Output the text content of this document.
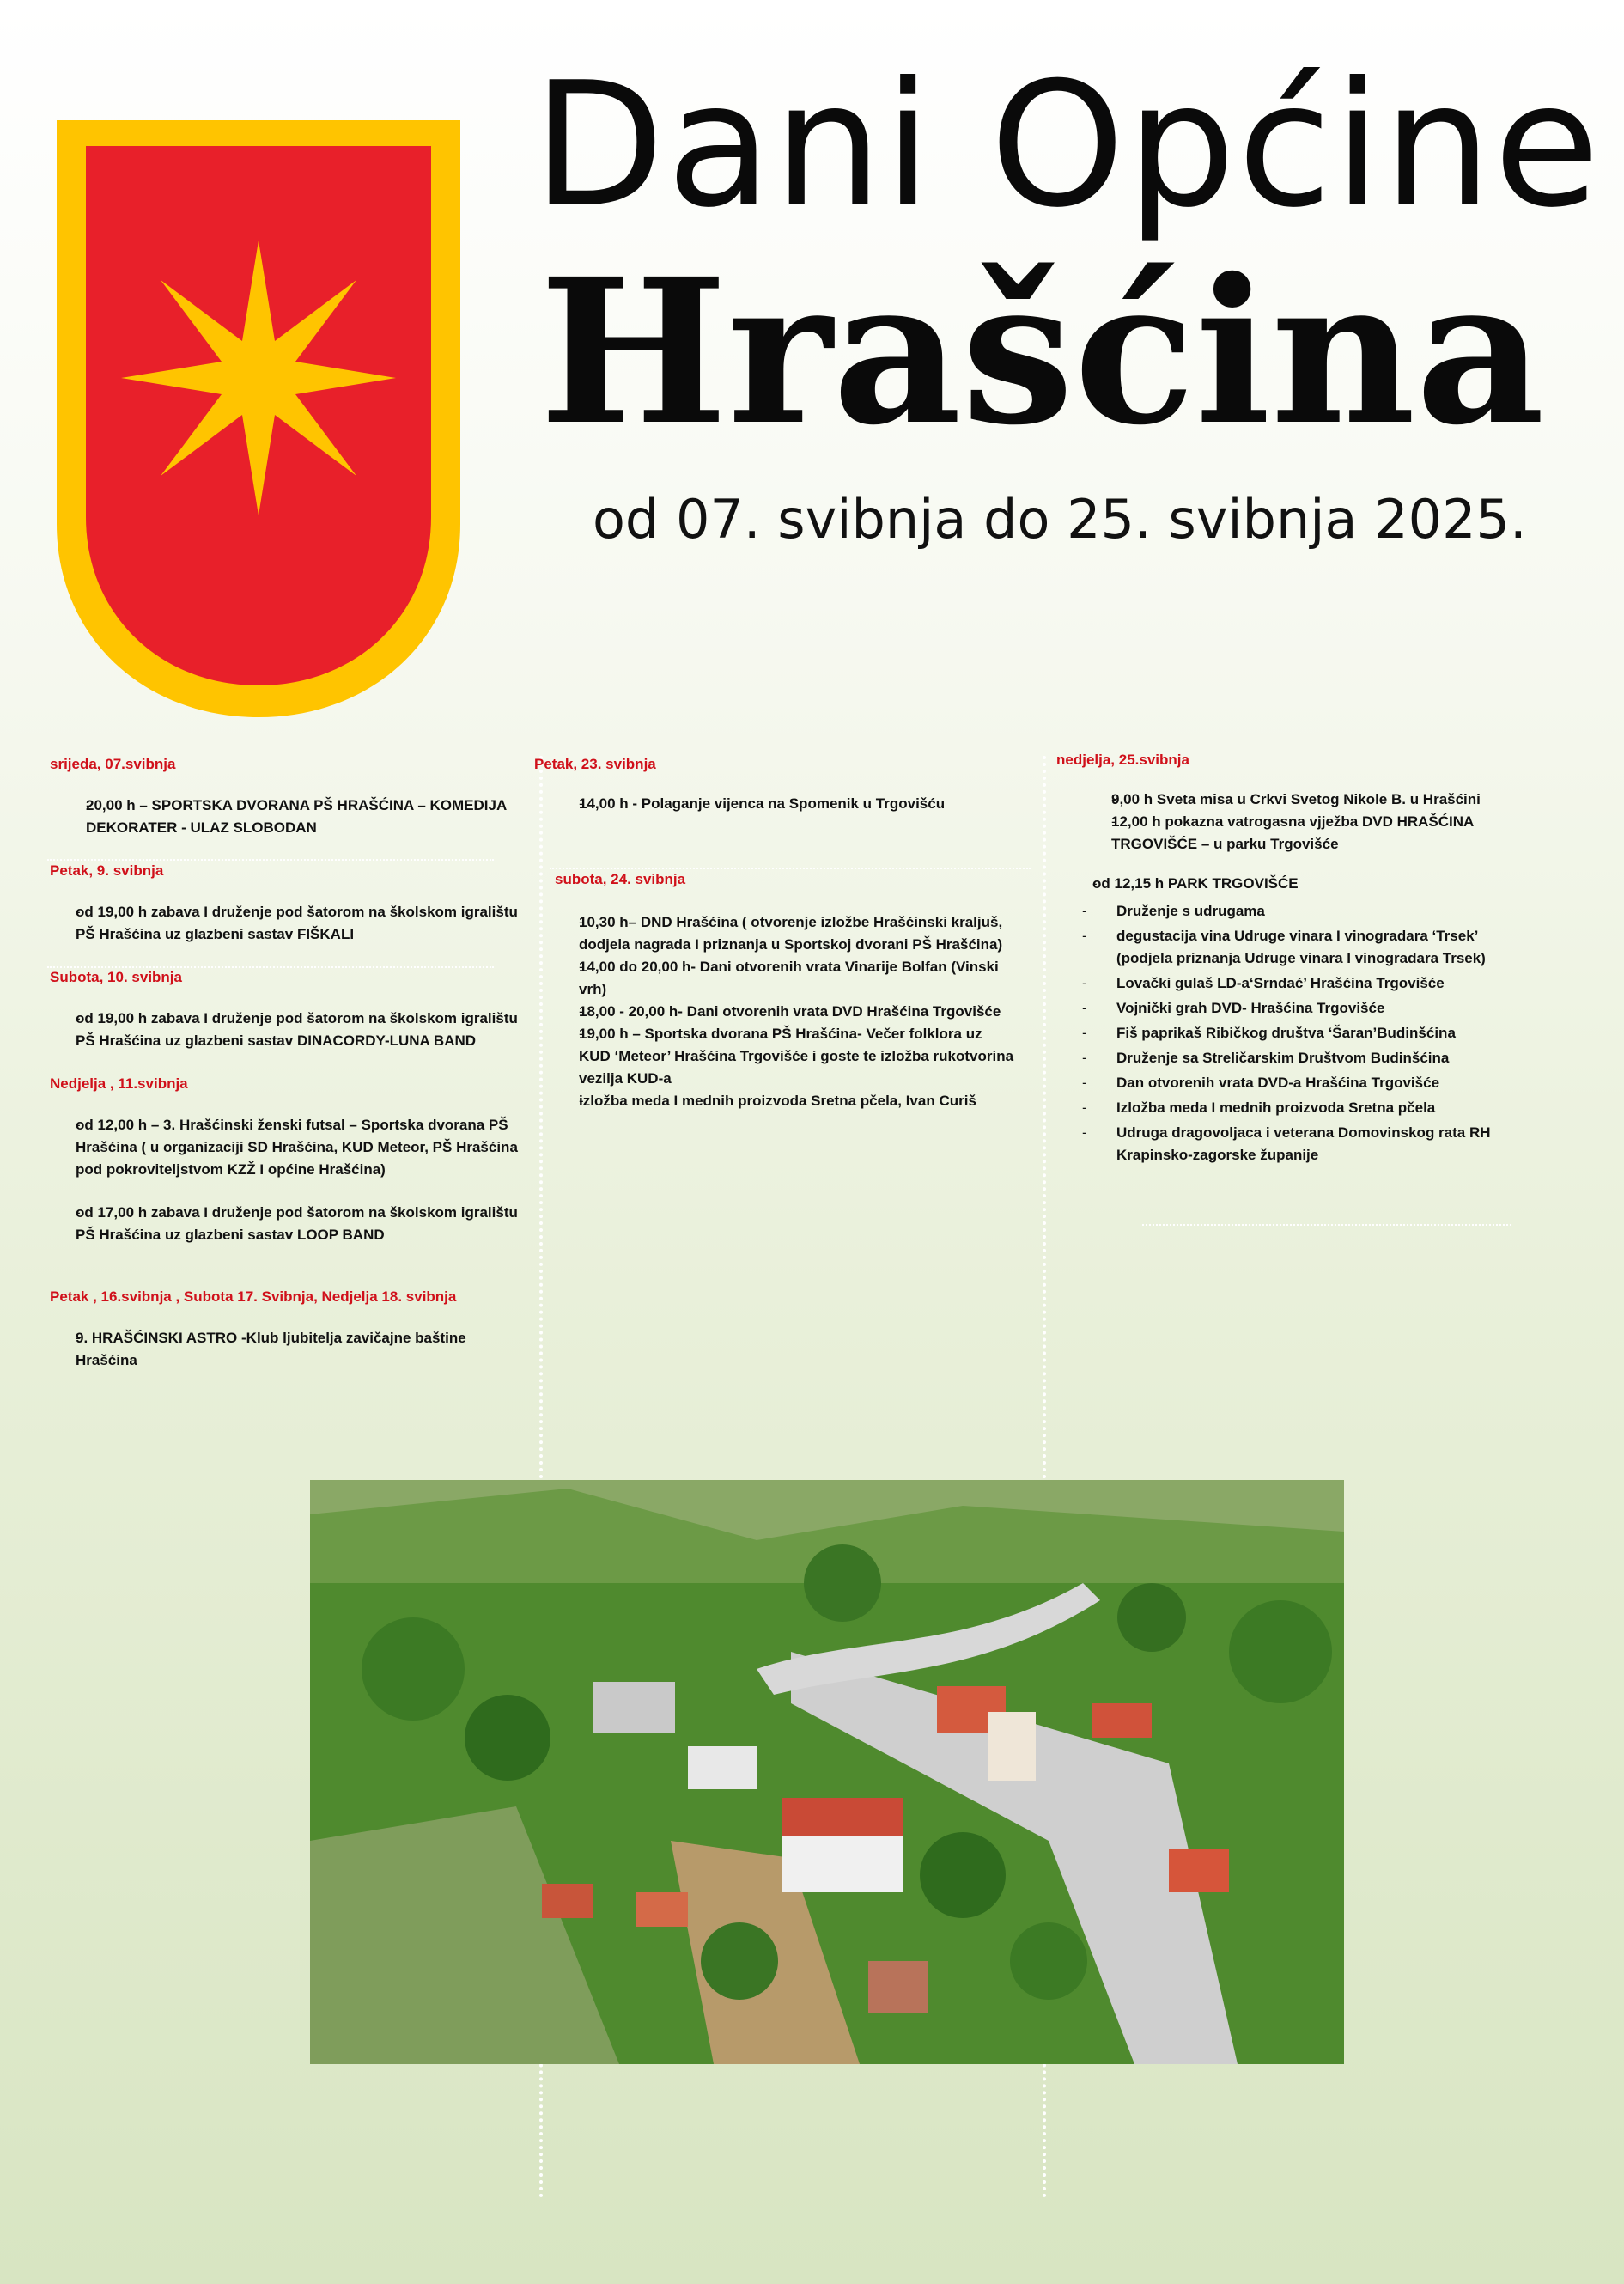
Dani Općine
Hrašćina
od 07. svibnja do 25. svibnja 2025.
srijeda, 07.svibnja
- 20,00 h – SPORTSKA DVORANA PŠ HRAŠĆINA – KOMEDIJA DEKORATER - ULAZ SLOBODAN
Petak, 9. svibnja
- od 19,00 h zabava I druženje pod šatorom na školskom igralištu PŠ Hrašćina uz glazbeni sastav FIŠKALI
Subota, 10. svibnja
- od 19,00 h zabava I druženje pod šatorom na školskom igralištu PŠ Hrašćina uz glazbeni sastav DINACORDY-LUNA BAND
Nedjelja , 11.svibnja
- od 12,00 h – 3. Hrašćinski ženski futsal – Sportska dvorana PŠ Hrašćina ( u organizaciji SD Hrašćina, KUD Meteor, PŠ Hrašćina pod pokroviteljstvom KZŽ I općine Hrašćina)
- od 17,00 h zabava I druženje pod šatorom na školskom igralištu PŠ Hrašćina uz glazbeni sastav LOOP BAND
Petak , 16.svibnja , Subota 17. Svibnja, Nedjelja 18. svibnja
- 9. HRAŠĆINSKI ASTRO -Klub ljubitelja zavičajne baštine Hrašćina
Petak, 23. svibnja
- 14,00 h - Polaganje vijenca na Spomenik u Trgovišću
subota, 24. svibnja
- 10,30 h– DND Hrašćina ( otvorenje izložbe Hrašćinski kraljuš, dodjela nagrada I priznanja u Sportskoj dvorani PŠ Hrašćina)
- 14,00 do 20,00 h- Dani otvorenih vrata Vinarije Bolfan (Vinski vrh)
- 18,00 - 20,00 h- Dani otvorenih vrata DVD Hrašćina Trgovišće
- 19,00 h – Sportska dvorana PŠ Hrašćina- Večer folklora uz KUD ‘Meteor’ Hrašćina Trgovišće i goste te izložba rukotvorina vezilja KUD-a
- izložba meda I mednih proizvoda Sretna pčela, Ivan Curiš
nedjelja, 25.svibnja
- 9,00 h Sveta misa u Crkvi Svetog Nikole B. u Hrašćini
- 12,00 h pokazna vatrogasna vjježba DVD HRAŠĆINA TRGOVIŠĆE – u parku Trgovišće
- od 12,15 h PARK TRGOVIŠĆE
- Druženje s udrugama
- degustacija vina Udruge vinara I vinogradara ‘Trsek’ (podjela priznanja Udruge vinara I vinogradara Trsek)
- Lovački gulaš LD-a‘Srndać’ Hrašćina Trgovišće
- Vojnički grah DVD- Hrašćina Trgovišće
- Fiš paprikaš Ribičkog društva ‘Šaran’Budinšćina
- Druženje sa Streličarskim Društvom Budinšćina
- Dan otvorenih vrata DVD-a Hrašćina Trgovišće
- Izložba meda I mednih proizvoda Sretna pčela
- Udruga dragovoljaca i veterana Domovinskog rata RH Krapinsko-zagorske županije
